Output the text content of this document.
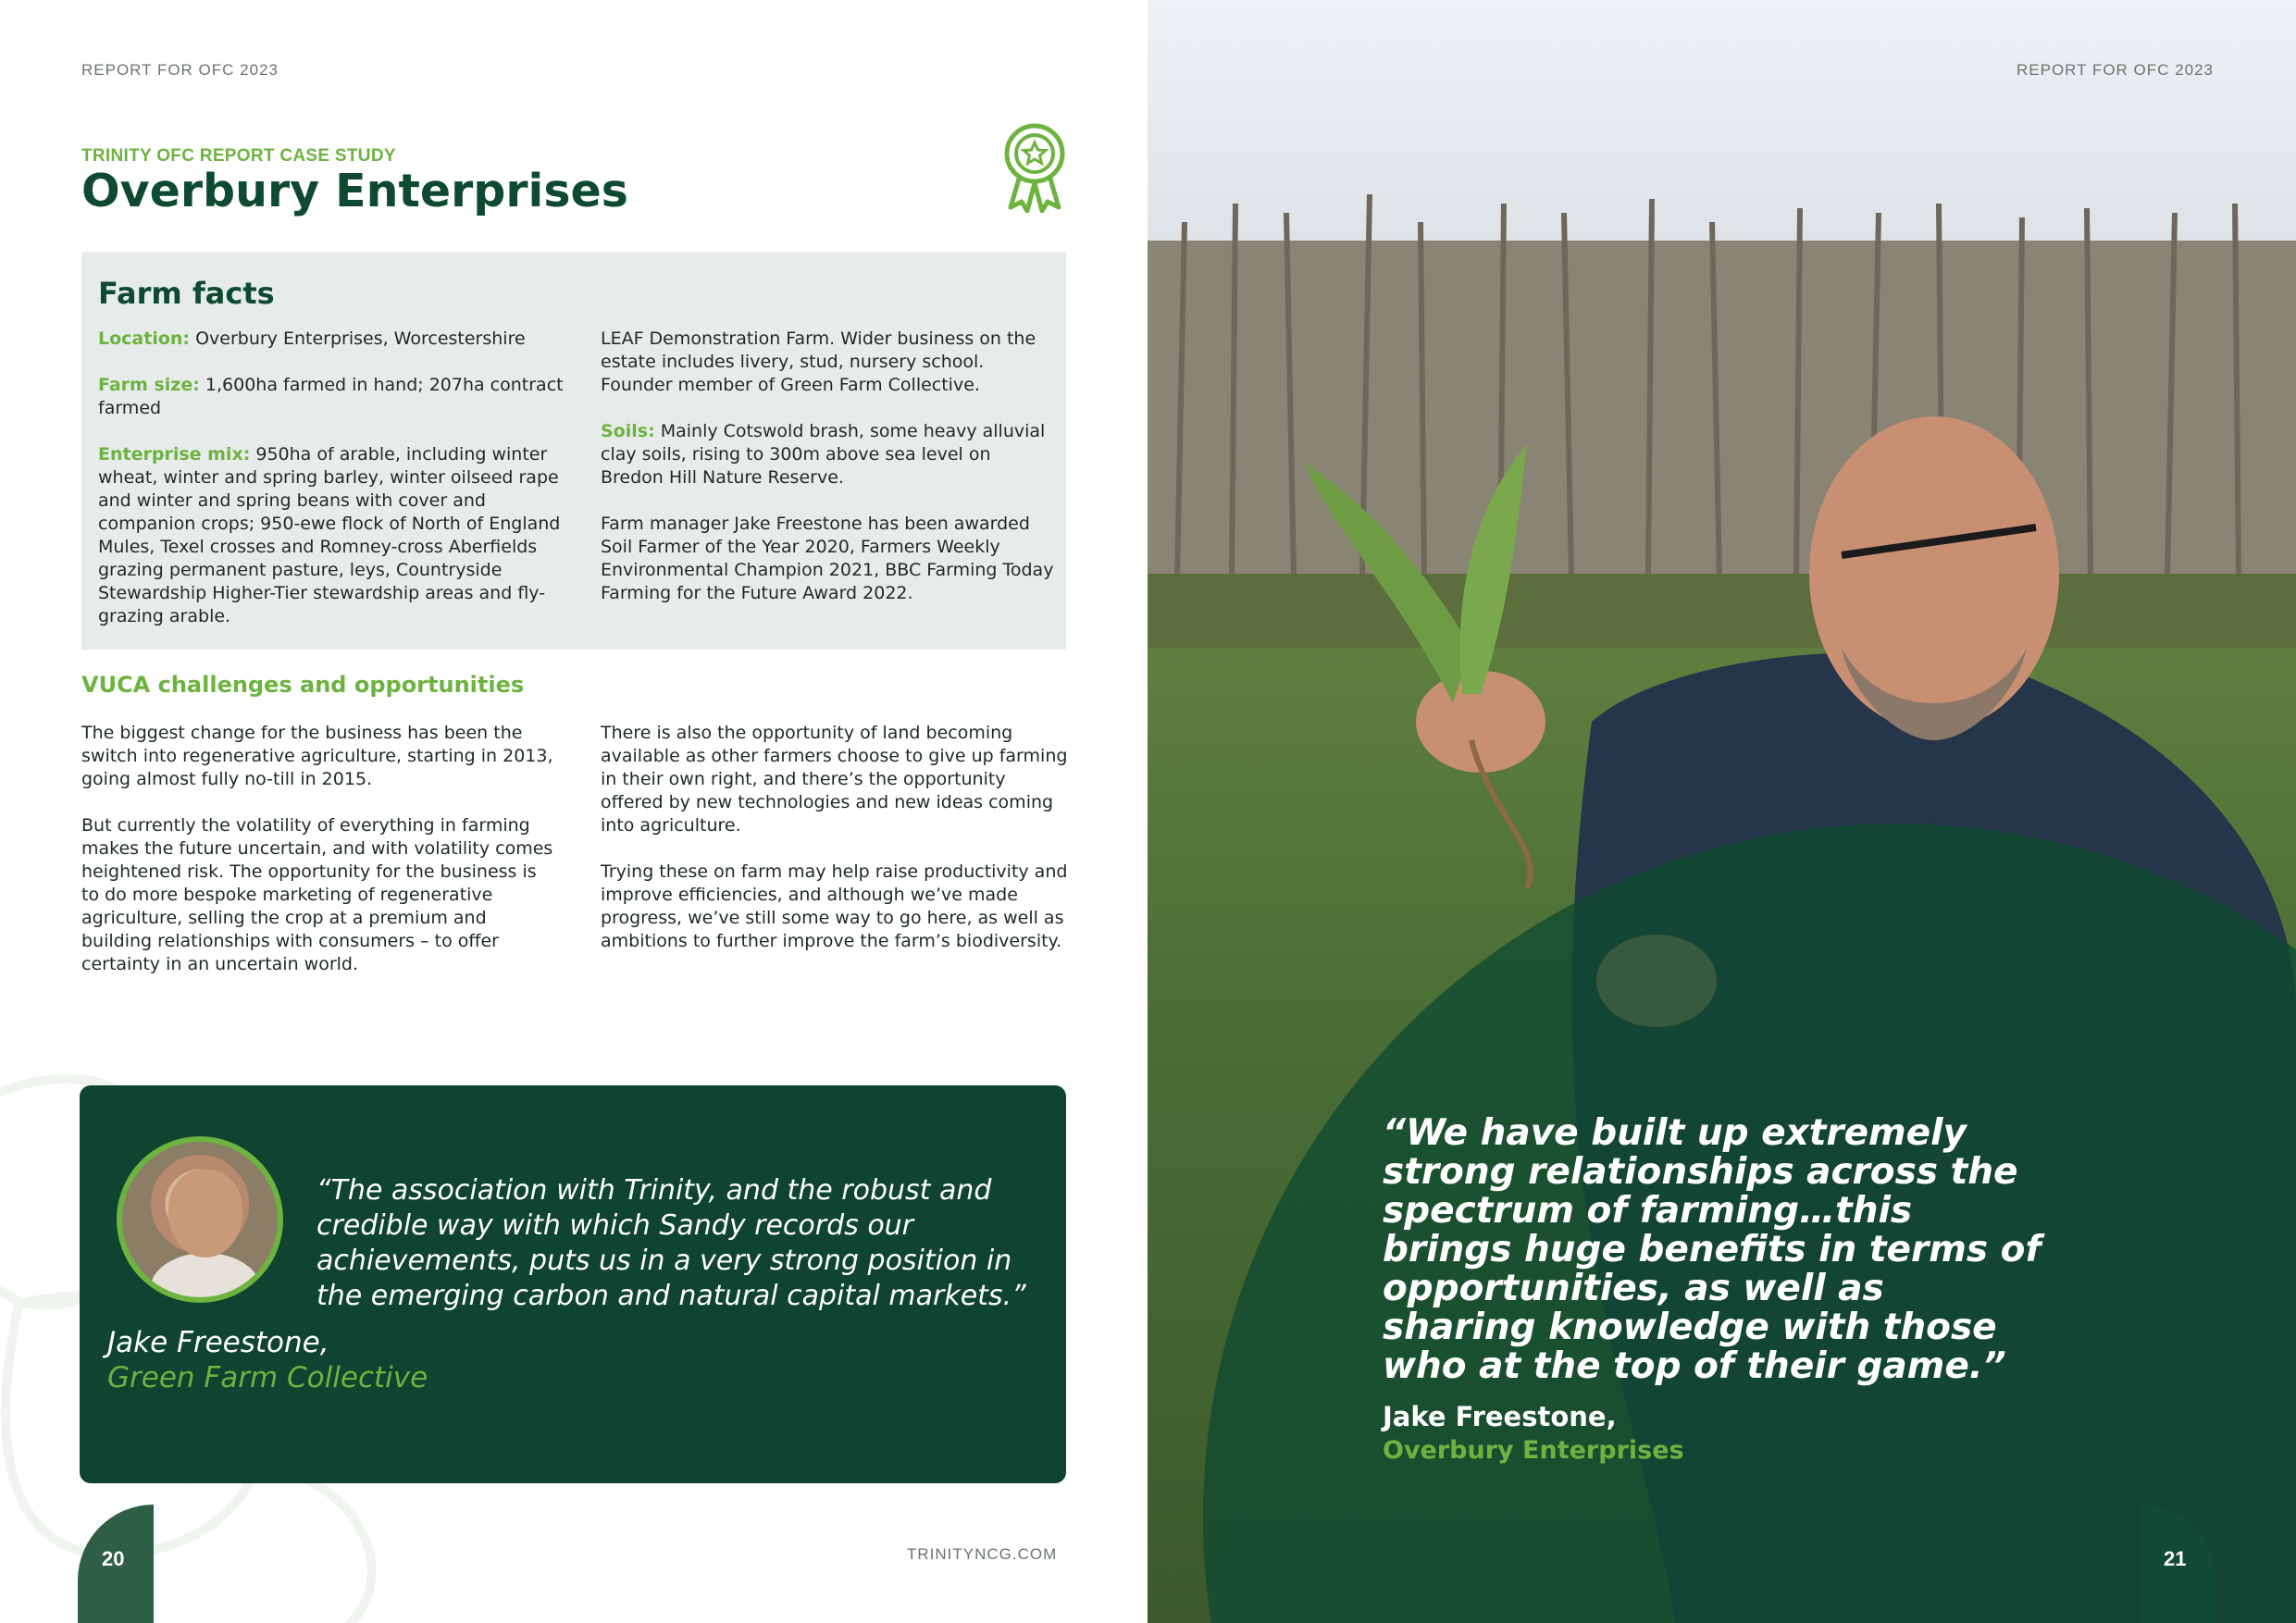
REPORT FOR OFC 2023
TRINITY OFC REPORT CASE STUDY
Overbury Enterprises
Farm facts

Location: Overbury Enterprises, Worcestershire

Farm size: 1,600ha farmed in hand; 207ha contract farmed

Enterprise mix: 950ha of arable, including winter wheat, winter and spring barley, winter oilseed rape and winter and spring beans with cover and companion crops; 950-ewe flock of North of England Mules, Texel crosses and Romney-cross Aberfields grazing permanent pasture, leys, Countryside Stewardship Higher-Tier stewardship areas and fly-grazing arable.

LEAF Demonstration Farm. Wider business on the estate includes livery, stud, nursery school. Founder member of Green Farm Collective.

Soils: Mainly Cotswold brash, some heavy alluvial clay soils, rising to 300m above sea level on Bredon Hill Nature Reserve.

Farm manager Jake Freestone has been awarded Soil Farmer of the Year 2020, Farmers Weekly Environmental Champion 2021, BBC Farming Today Farming for the Future Award 2022.

VUCA challenges and opportunities

The biggest change for the business has been the switch into regenerative agriculture, starting in 2013, going almost fully no-till in 2015.

But currently the volatility of everything in farming makes the future uncertain, and with volatility comes heightened risk. The opportunity for the business is to do more bespoke marketing of regenerative agriculture, selling the crop at a premium and building relationships with consumers – to offer certainty in an uncertain world.

There is also the opportunity of land becoming available as other farmers choose to give up farming in their own right, and there’s the opportunity offered by new technologies and new ideas coming into agriculture.

Trying these on farm may help raise productivity and improve efficiencies, and although we’ve made progress, we’ve still some way to go here, as well as ambitions to further improve the farm’s biodiversity.

“The association with Trinity, and the robust and credible way with which Sandy records our achievements, puts us in a very strong position in the emerging carbon and natural capital markets.”
Jake Freestone,
Green Farm Collective
20	TRINITYNCG.COM
REPORT FOR OFC 2023
“We have built up extremely strong relationships across the spectrum of farming…this brings huge benefits in terms of opportunities, as well as sharing knowledge with those who at the top of their game.”
Jake Freestone,
Overbury Enterprises
21
